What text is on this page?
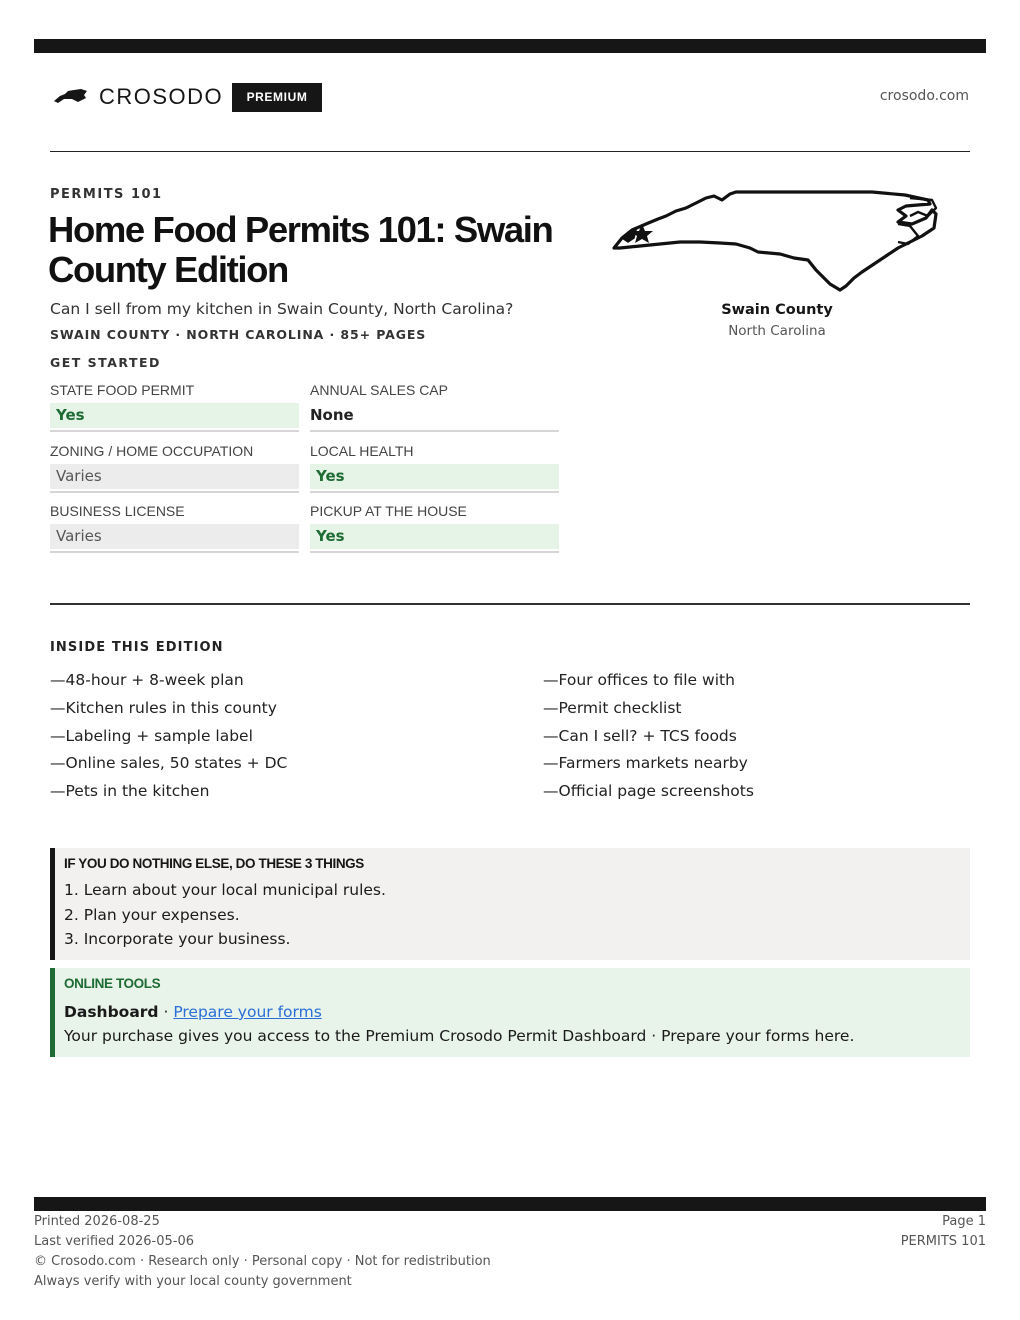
CROSODO	PREMIUM	crosodo.com
PERMITS 101
Home Food Permits 101: Swain County Edition

Can I sell from my kitchen in Swain County, North Carolina?

SWAIN COUNTY · NORTH CAROLINA · 85+ PAGES
GET STARTED
STATE FOOD PERMIT
Yes
ANNUAL SALES CAP
None
ZONING / HOME OCCUPATION
Varies
LOCAL HEALTH
Yes
BUSINESS LICENSE
Varies
PICKUP AT THE HOUSE
Yes
Swain County
North Carolina
INSIDE THIS EDITION
—48-hour + 8-week plan
—Kitchen rules in this county
—Labeling + sample label
—Online sales, 50 states + DC
—Pets in the kitchen
—Four offices to file with
—Permit checklist
—Can I sell? + TCS foods
—Farmers markets nearby
—Official page screenshots
IF YOU DO NOTHING ELSE, DO THESE 3 THINGS
1. Learn about your local municipal rules.
2. Plan your expenses.
3. Incorporate your business.
ONLINE TOOLS
Dashboard · Prepare your forms
Your purchase gives you access to the Premium Crosodo Permit Dashboard · Prepare your forms here.
Printed 2026-08-25
Last verified 2026-05-06
© Crosodo.com · Research only · Personal copy · Not for redistribution
Always verify with your local county government
Page 1
PERMITS 101
